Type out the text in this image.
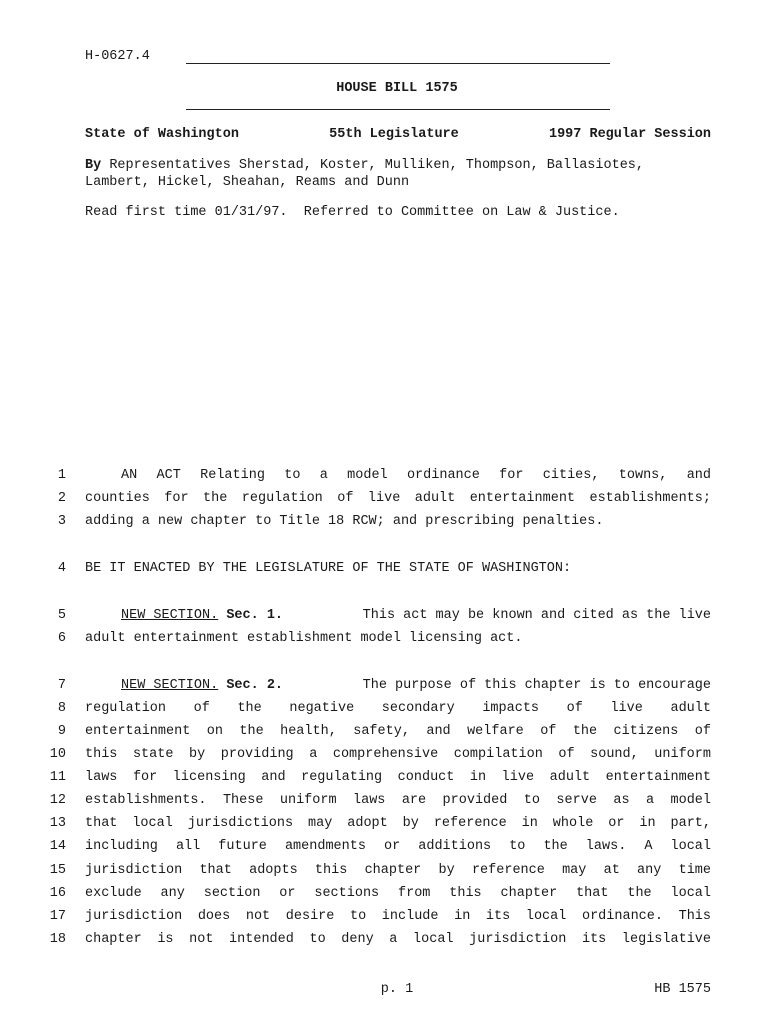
H-0627.4
HOUSE BILL 1575
State of Washington	55th Legislature	1997 Regular Session
By Representatives Sherstad, Koster, Mulliken, Thompson, Ballasiotes,
Lambert, Hickel, Sheahan, Reams and Dunn
Read first time 01/31/97.  Referred to Committee on Law & Justice.
1	AN ACT Relating to a model ordinance for cities, towns, and
2 counties for the regulation of live adult entertainment establishments;
3 adding a new chapter to Title 18 RCW; and prescribing penalties.
4 BE IT ENACTED BY THE LEGISLATURE OF THE STATE OF WASHINGTON:
5	NEW SECTION. Sec. 1.	This act may be known and cited as the live
6 adult entertainment establishment model licensing act.
7	NEW SECTION. Sec. 2.	The purpose of this chapter is to encourage
8 regulation of the negative secondary impacts of live adult
9 entertainment on the health, safety, and welfare of the citizens of
10 this state by providing a comprehensive compilation of sound, uniform
11 laws for licensing and regulating conduct in live adult entertainment
12 establishments. These uniform laws are provided to serve as a model
13 that local jurisdictions may adopt by reference in whole or in part,
14 including all future amendments or additions to the laws. A local
15 jurisdiction that adopts this chapter by reference may at any time
16 exclude any section or sections from this chapter that the local
17 jurisdiction does not desire to include in its local ordinance. This
18 chapter is not intended to deny a local jurisdiction its legislative
p. 1	HB 1575
